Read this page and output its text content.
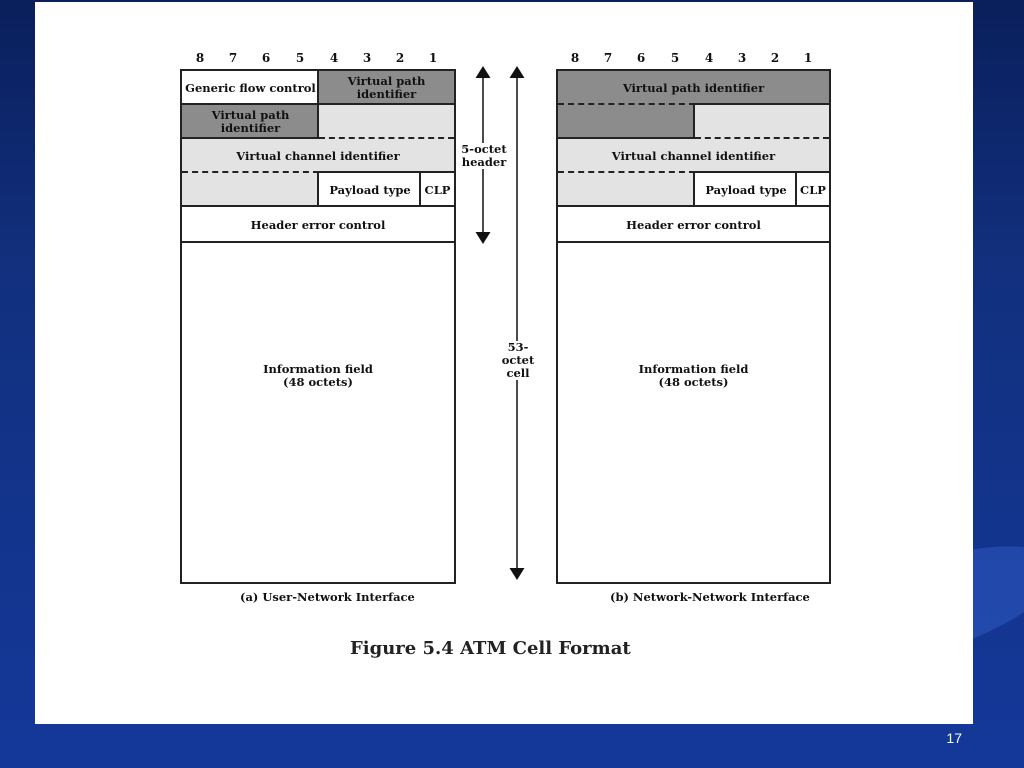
8	7	6	5	4	3	2	1
Generic flow control	Virtual path identifier
Virtual path identifier
Virtual channel identifier
Payload type	CLP
Header error control
Information field
(48 octets)
(a) User-Network Interface
8	7	6	5	4	3	2	1
Virtual path identifier
Virtual channel identifier
Payload type	CLP
Header error control
Information field
(48 octets)
(b) Network-Network Interface
5-octet
header
53-octet
cell
Figure 5.4 ATM Cell Format
17
